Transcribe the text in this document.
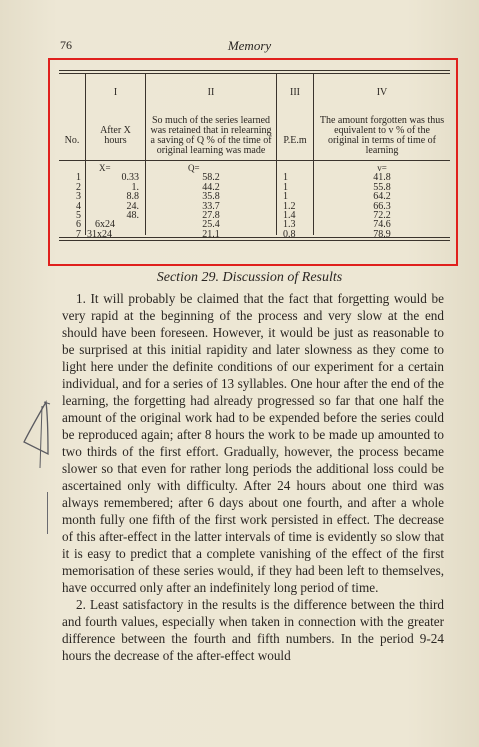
76	Memory
No.
I
After X hours
II
So much of the series learned was retained that in relearning a saving of Q % of the time of original learning was made
III
P.E.m
IV
The amount forgotten was thus equivalent to v % of the original in terms of time of learning
1
2
3
4
5
6
7
X=
0.33
1.
8.8
24.
48.
6x24
31x24
Q=
58.2
44.2
35.8
33.7
27.8
25.4
21.1
1
1
1
1.2
1.4
1.3
0.8
v=
41.8
55.8
64.2
66.3
72.2
74.6
78.9
Section 29. Discussion of Results

1. It will probably be claimed that the fact that forgetting would be very rapid at the beginning of the process and very slow at the end should have been foreseen. However, it would be just as reasonable to be surprised at this initial rapidity and later slowness as they come to light here under the definite conditions of our experiment for a certain individual, and for a series of 13 syllables. One hour after the end of the learning, the forgetting had already progressed so far that one half the amount of the original work had to be expended before the series could be reproduced again; after 8 hours the work to be made up amounted to two thirds of the first effort. Gradually, however, the process became slower so that even for rather long periods the additional loss could be ascertained only with difficulty. After 24 hours about one third was always remembered; after 6 days about one fourth, and after a whole month fully one fifth of the first work persisted in effect. The decrease of this after-effect in the latter intervals of time is evidently so slow that it is easy to predict that a complete vanishing of the effect of the first memorisation of these series would, if they had been left to themselves, have occurred only after an indefinitely long period of time.

2. Least satisfactory in the results is the difference between the third and fourth values, especially when taken in connection with the greater difference between the fourth and fifth numbers. In the period 9-24 hours the decrease of the after-effect would
